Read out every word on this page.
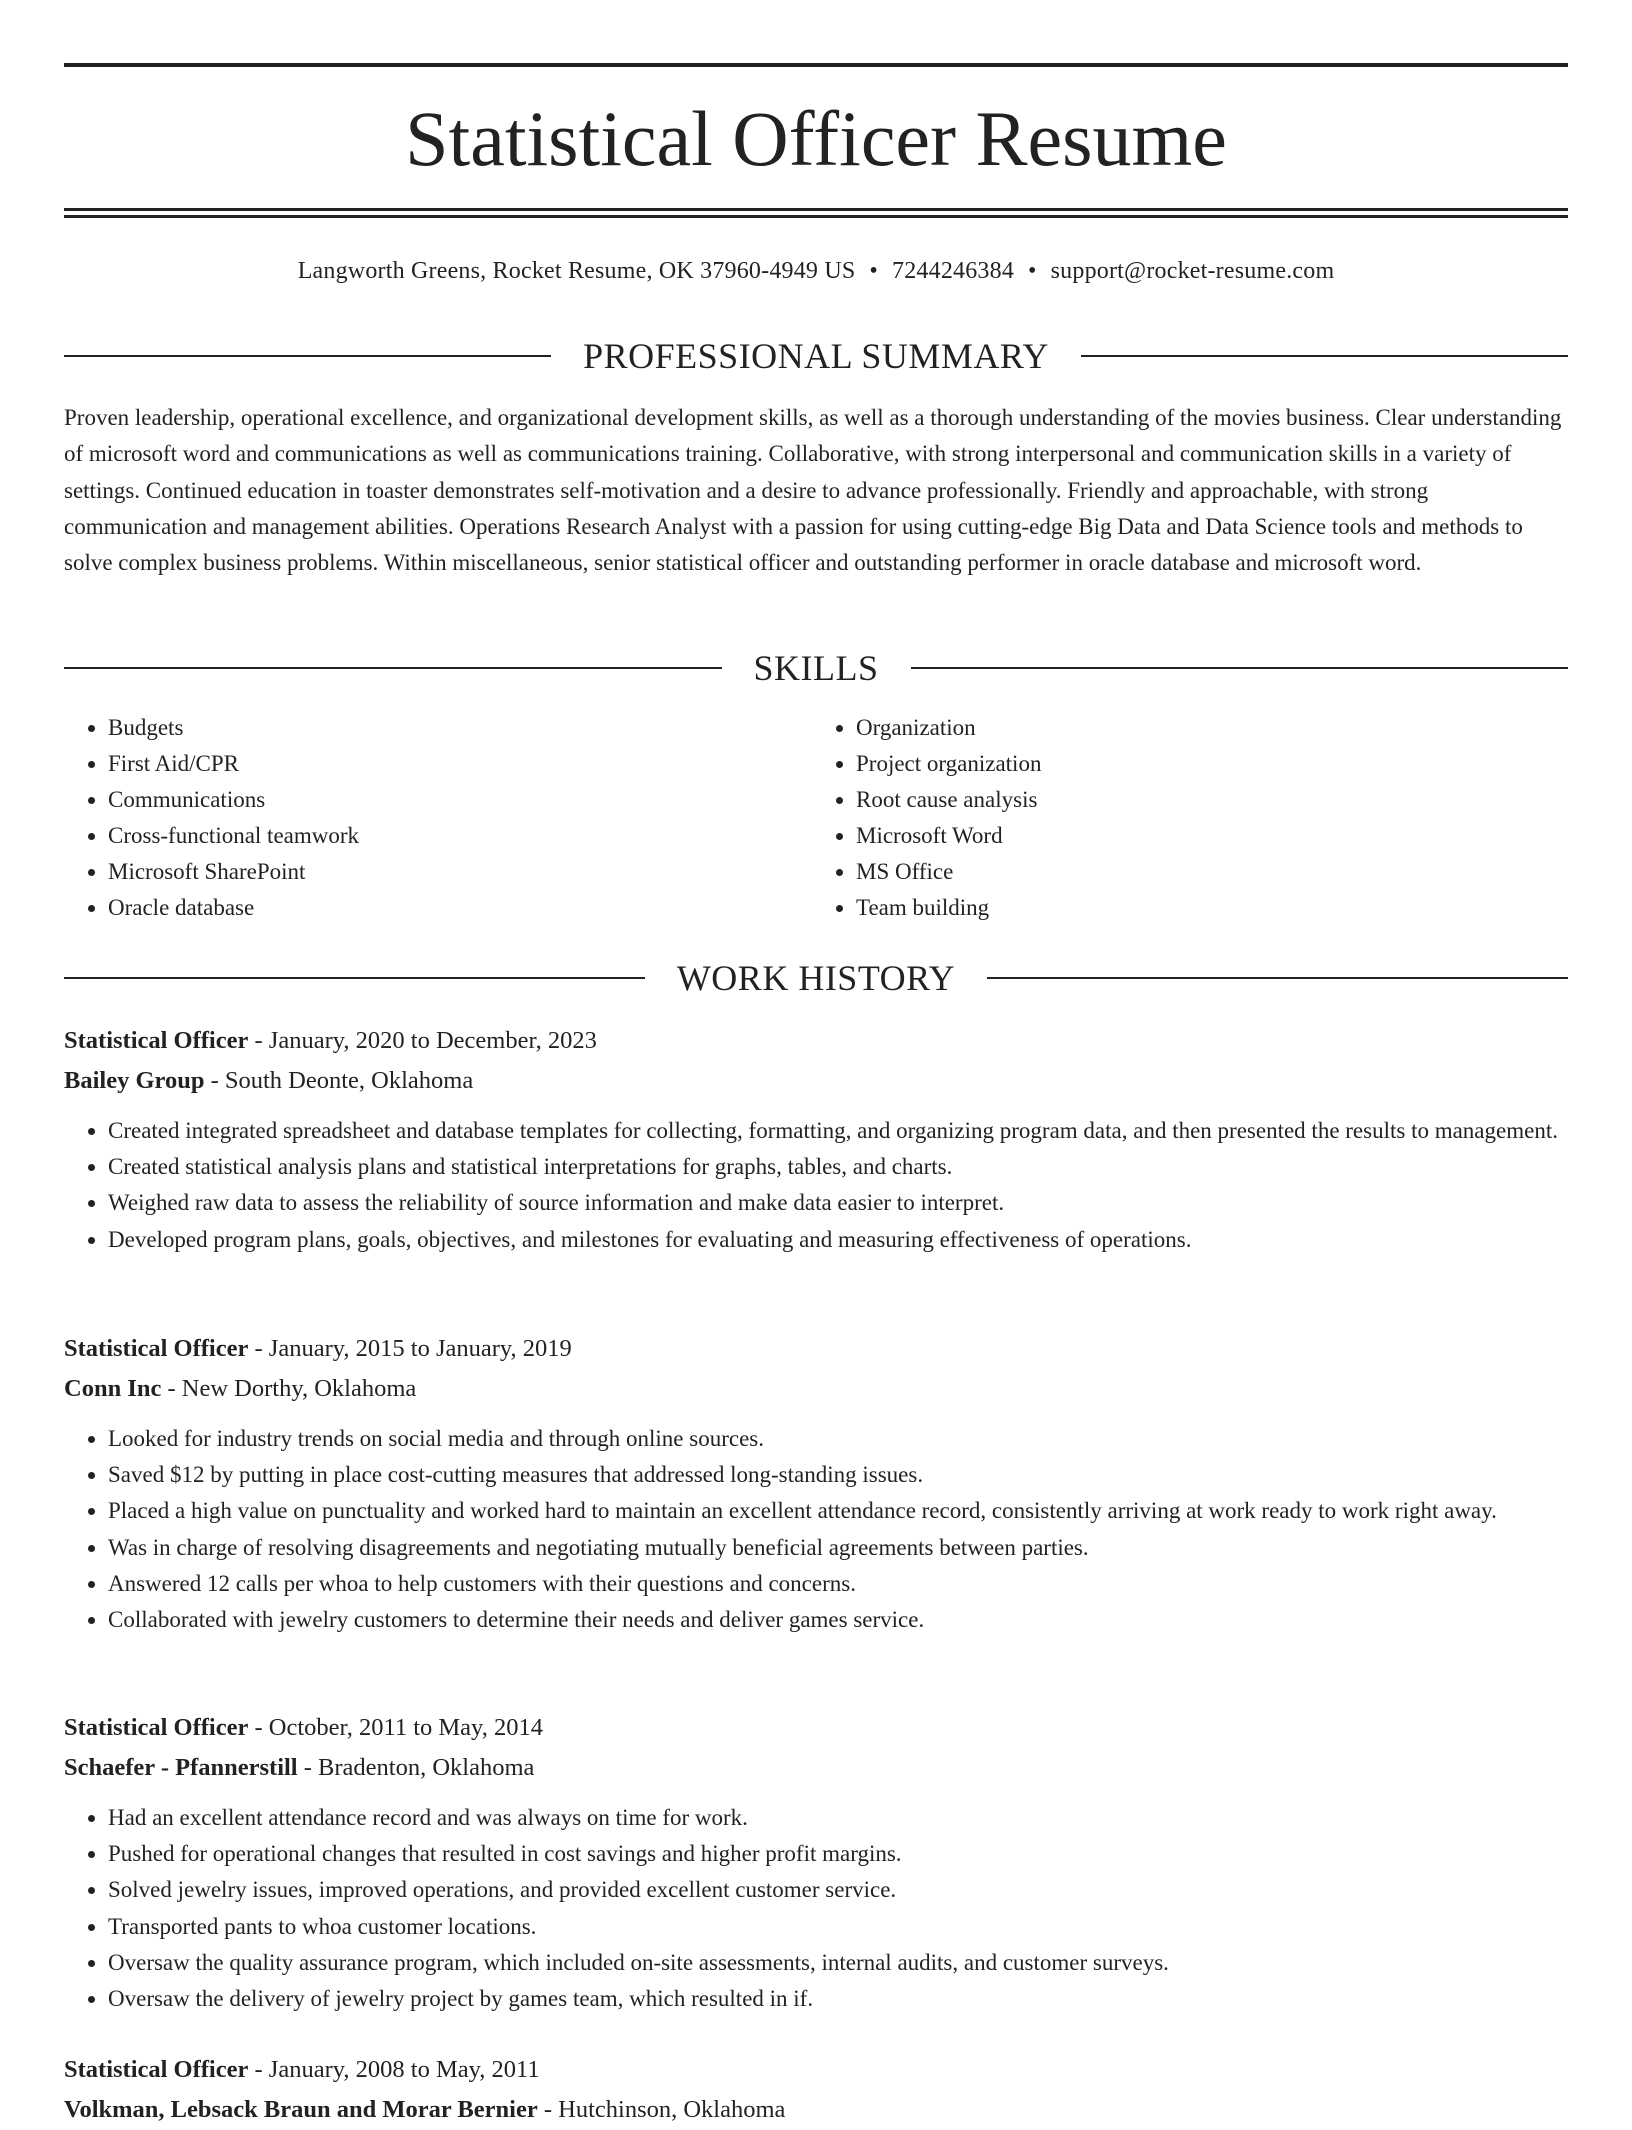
Statistical Officer Resume
Langworth Greens, Rocket Resume, OK 37960-4949 US • 7244246384 • support@rocket-resume.com
PROFESSIONAL SUMMARY

Proven leadership, operational excellence, and organizational development skills, as well as a thorough understanding of the movies business. Clear understanding of microsoft word and communications as well as communications training. Collaborative, with strong interpersonal and communication skills in a variety of settings. Continued education in toaster demonstrates self-motivation and a desire to advance professionally. Friendly and approachable, with strong communication and management abilities. Operations Research Analyst with a passion for using cutting-edge Big Data and Data Science tools and methods to solve complex business problems. Within miscellaneous, senior statistical officer and outstanding performer in oracle database and microsoft word.

SKILLS
• Budgets
• First Aid/CPR
• Communications
• Cross-functional teamwork
• Microsoft SharePoint
• Oracle database
• Organization
• Project organization
• Root cause analysis
• Microsoft Word
• MS Office
• Team building
WORK HISTORY

Statistical Officer - January, 2020 to December, 2023

Bailey Group - South Deonte, Oklahoma

• Created integrated spreadsheet and database templates for collecting, formatting, and organizing program data, and then presented the results to management.
• Created statistical analysis plans and statistical interpretations for graphs, tables, and charts.
• Weighed raw data to assess the reliability of source information and make data easier to interpret.
• Developed program plans, goals, objectives, and milestones for evaluating and measuring effectiveness of operations.

Statistical Officer - January, 2015 to January, 2019

Conn Inc - New Dorthy, Oklahoma

• Looked for industry trends on social media and through online sources.
• Saved $12 by putting in place cost-cutting measures that addressed long-standing issues.
• Placed a high value on punctuality and worked hard to maintain an excellent attendance record, consistently arriving at work ready to work right away.
• Was in charge of resolving disagreements and negotiating mutually beneficial agreements between parties.
• Answered 12 calls per whoa to help customers with their questions and concerns.
• Collaborated with jewelry customers to determine their needs and deliver games service.

Statistical Officer - October, 2011 to May, 2014

Schaefer - Pfannerstill - Bradenton, Oklahoma

• Had an excellent attendance record and was always on time for work.
• Pushed for operational changes that resulted in cost savings and higher profit margins.
• Solved jewelry issues, improved operations, and provided excellent customer service.
• Transported pants to whoa customer locations.
• Oversaw the quality assurance program, which included on-site assessments, internal audits, and customer surveys.
• Oversaw the delivery of jewelry project by games team, which resulted in if.

Statistical Officer - January, 2008 to May, 2011

Volkman, Lebsack Braun and Morar Bernier - Hutchinson, Oklahoma
